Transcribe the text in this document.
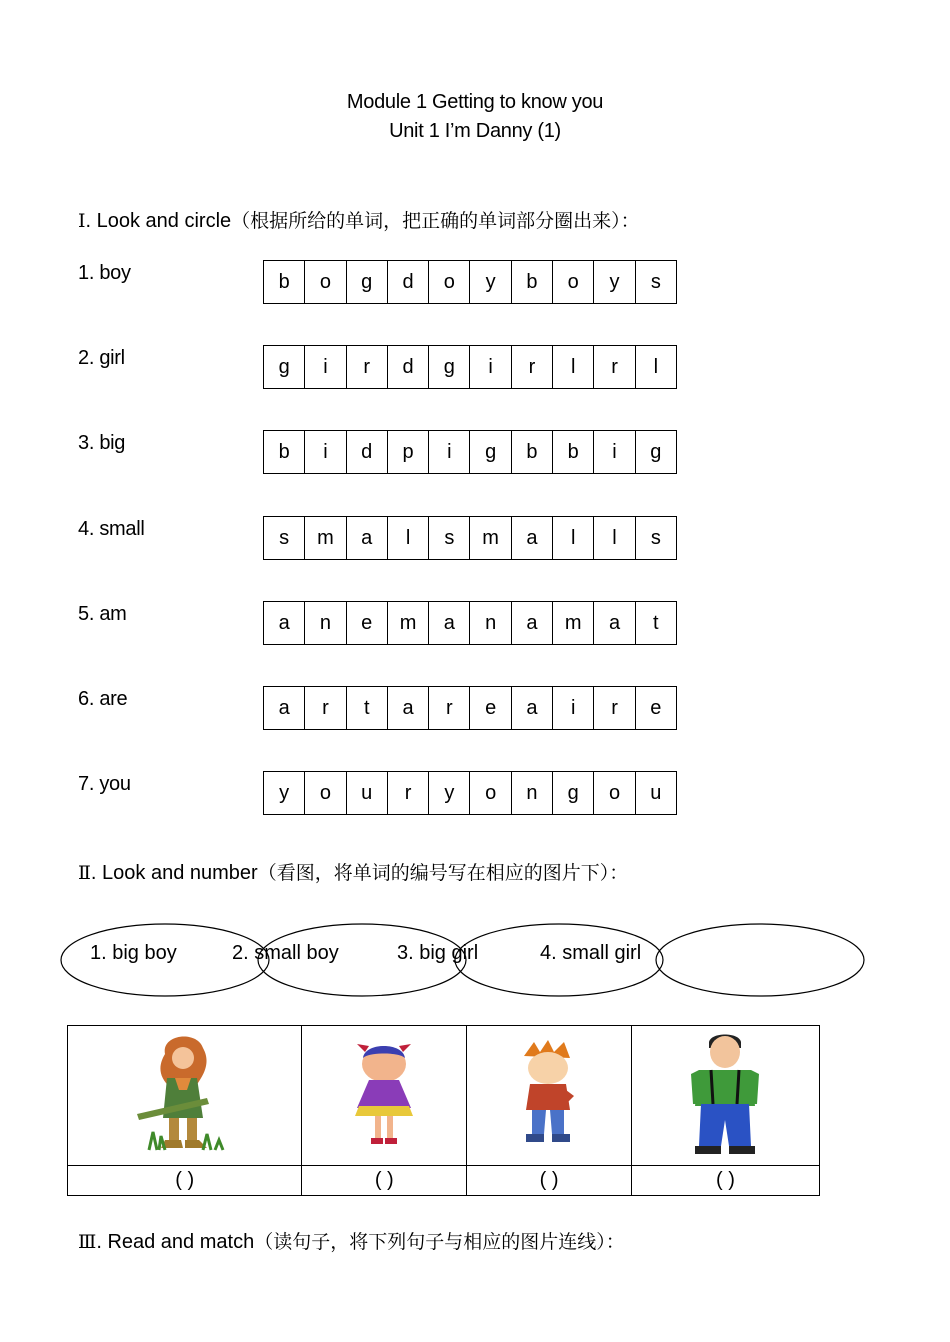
Module 1 Getting to know you
Unit 1 I’m Danny (1)
Ⅰ. Look and circle（根据所给的单词，把正确的单词部分圈出来）：
1. boy	b	o	g	d	o	y	b	o	y	s
2. girl	g	i	r	d	g	i	r	l	r	l
3. big	b	i	d	p	i	g	b	b	i	g
4. small	s	m	a	l	s	m	a	l	l	s
5. am	a	n	e	m	a	n	a	m	a	t
6. are	a	r	t	a	r	e	a	i	r	e
7. you	y	o	u	r	y	o	n	g	o	u
Ⅱ. Look and number（看图，将单词的编号写在相应的图片下）：
1. big boy	2. small boy	3. big girl	4. small girl

( )	( )	( )	( )
Ⅲ. Read and match（读句子，将下列句子与相应的图片连线）：
